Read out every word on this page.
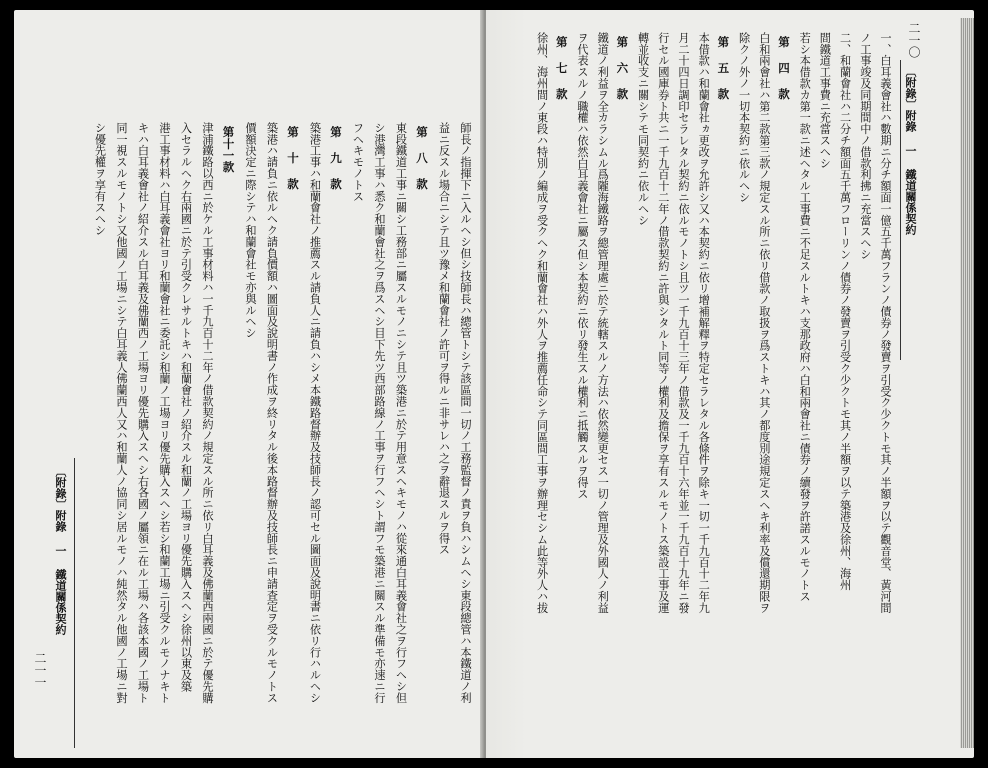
二一一
〔附錄〕附錄 一 鐵道關係契約	師長ノ指揮下ニ入ルヘシ但シ技師長ハ總管トシテ該區間一切ノ工務監督ノ責ヲ負ハシムヘシ東段總管ハ本鐵道ノ利
益ニ反スル場合ニシテ且ツ豫メ和蘭會社ノ許可ヲ得ルニ非サレハ之ヲ辭退スルヲ得ス
第 八 款
東段鐵道工事ニ關シ工務部ニ屬スルモノニシテ且ツ築港ニ於テ用意スヘキモノハ從來通白耳義會社之ヲ行フヘシ但
シ港灣工事ハ悉ク和蘭會社之ヲ爲スヘシ目下先ツ西部路線ノ工事ヲ行フヘシト謂フモ築港ニ關スル準備モ亦速ニ行
フヘキモノトス
第 九 款
築港工事ハ和蘭會社ノ推薦スル請負人ニ請負ハシメ本鐵路督辦及技師長ノ認可セル圖面及說明書ニ依リ行ハルヘシ
第 十 款
築港ハ請負ニ依ルヘク請負價額ハ圖面及說明書ノ作成ヲ終リタル後本路督辦及技師長ニ申請査定ヲ受クルモノトス
價額決定ニ際シテハ和蘭會社モ亦與ルヘシ
第十一款
津浦鐵路以西ニ於ケル工事材料ハ一千九百十二年ノ借款契約ノ規定スル所ニ依リ白耳義及佛蘭西兩國ニ於テ優先購
入セラルヘク右兩國ニ於テ引受クレサルトキハ和蘭會社ノ紹介スル和蘭ノ工場ヨリ優先購入スヘシ徐州以東及築
港工事材料ハ白耳義會社ヨリ和蘭會社ニ委託シ和蘭ノ工場ヨリ優先購入スヘシ若シ和蘭工場ニ引受クルモノナキト
キハ白耳義會社ノ紹介スル白耳義及佛蘭西ノ工場ヨリ優先購入スヘシ右各國ノ屬領ニ在ル工場ハ各該本國ノ工場ト
同一視スルモノトシ又他國ノ工場ニシテ白耳義人佛蘭西人又ハ和蘭人ノ協同シ居ルモノハ純然タル他國ノ工場ニ對
シ優先權ヲ享有スヘシ
二一〇
〔附錄〕附錄 一 鐵道關係契約
一、白耳義會社ハ數期ニ分チ額面一億五千萬フランノ債券ノ發賣ヲ引受ク少クトモ其ノ半額ヲ以テ觀音堂、黃河間
ノ工事竣及同期間中ノ借款利拂ニ充當スヘシ
二、和蘭會社ハ二分チ額面五千萬フローリンノ債券ノ發賣ヲ引受ク少クトモ其ノ半額ヲ以テ築港及徐州、海州
間鐵道工事費ニ充當スヘシ
若シ本借款カ第一款ニ述ヘタル工事費ニ不足スルトキハ支那政府ハ白和兩會社ニ債券ノ續發ヲ許諾スルモノトス
第 四 款
白和兩會社ハ第二款第三款ノ規定スル所ニ依リ借款ノ取扱ヲ爲ストキハ其ノ都度別途規定スヘキ利率及償還期限ヲ
除クノ外ノ一切本契約ニ依ルヘシ
第 五 款
本借款ハ和蘭會社ヵ更改ヲ允許シ又ハ本契約ニ依リ增補解釋ヲ特定セラレタル各條件ヲ除キ一切一千九百十二年九
月二十四日調印セラレタル契約ニ依ルモノトシ且ツ一千九百十三年ノ借款及一千九百十六年並一千九百十九年ニ發
行セル國庫券ト共ニ一千九百十二年ノ借款契約ニ許與シタルト同等ノ權利及擔保ヲ享有スルモノトス築設工事及運
轉並收支ニ關シテモ同契約ニ依ルヘシ
第 六 款
鐵道ノ利益ヲ全カラシムル爲隴海鐵路ヲ總管理處ニ於テ統轄スルノ方法ハ依然變更セス一切ノ管理及外國人ノ利益
ヲ代表スルノ職權ハ依然白耳義會社ニ屬ス但シ本契約ニ依リ發生スル權利ニ抵觸スルヲ得ス
第 七 款
徐州、海州間ノ東段ハ特別ノ編成ヲ受クヘク和蘭會社ハ外人ヲ推薦任命シテ同區間工事ヲ辦理セシム此等外人ハ拔
